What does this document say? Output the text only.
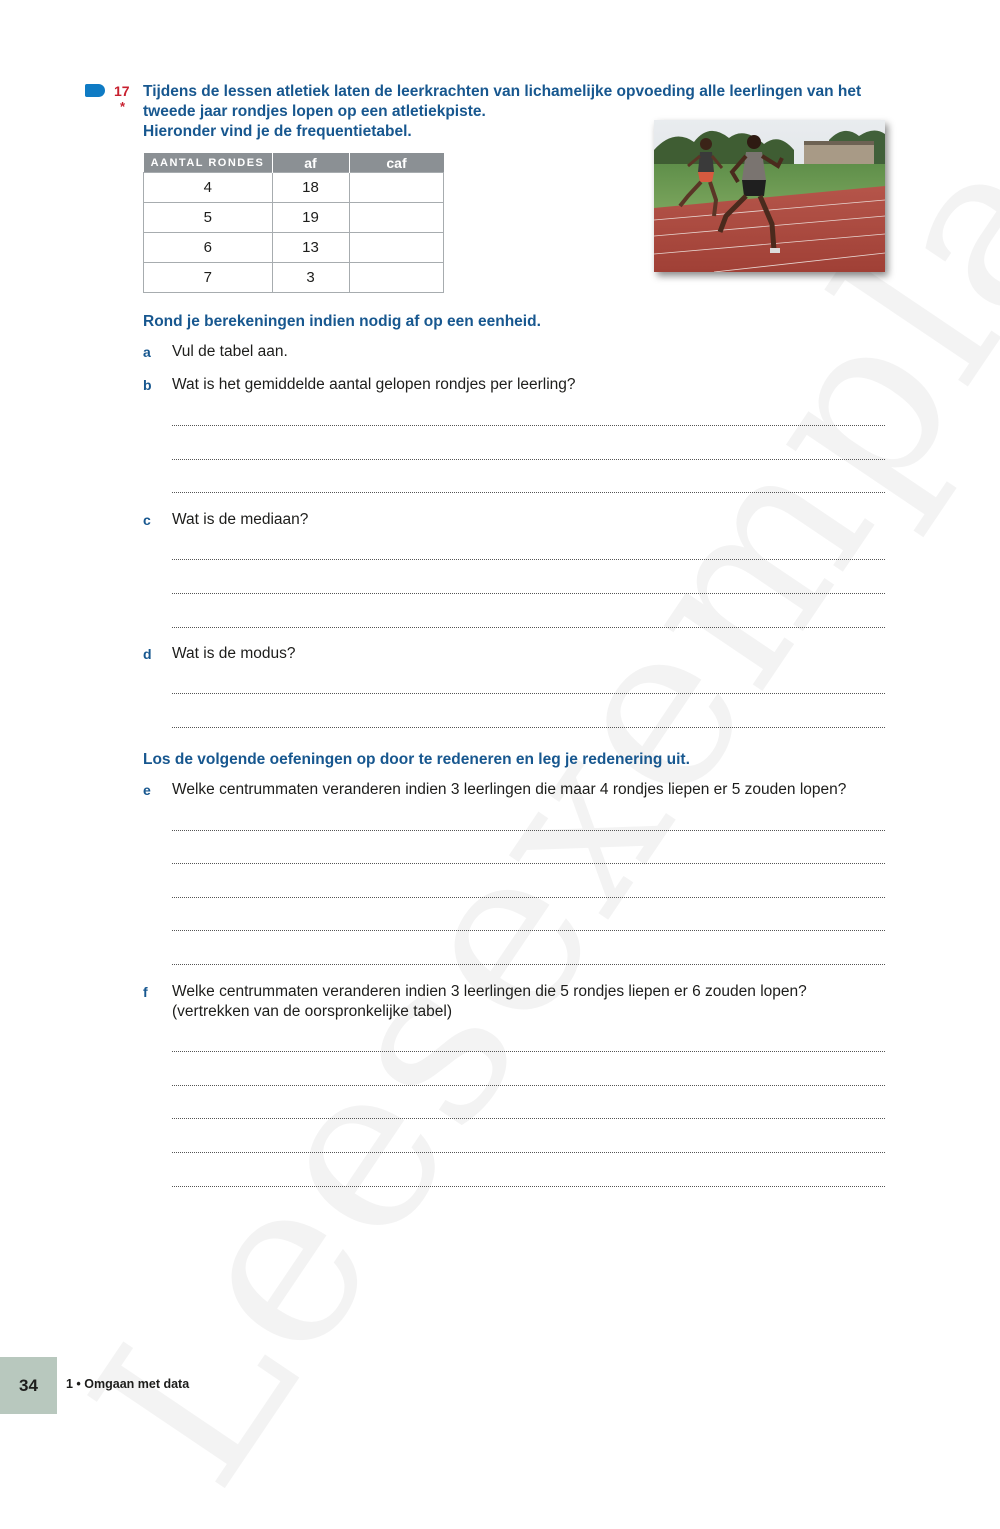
17
*
Tijdens de lessen atletiek laten de leerkrachten van lichamelijke opvoeding alle leerlingen van het
tweede jaar rondjes lopen op een atletiekpiste.
Hieronder vind je de frequentietabel.
AANTAL RONDES	af	caf
4	18	
5	19	
6	13	
7	3	
Rond je berekeningen indien nodig af op een eenheid.
a Vul de tabel aan.
b Wat is het gemiddelde aantal gelopen rondjes per leerling?
c Wat is de mediaan?
d Wat is de modus?
Los de volgende oefeningen op door te redeneren en leg je redenering uit.
e Welke centrummaten veranderen indien 3 leerlingen die maar 4 rondjes liepen er 5 zouden lopen?
f Welke centrummaten veranderen indien 3 leerlingen die 5 rondjes liepen er 6 zouden lopen?
(vertrekken van de oorspronkelijke tabel)
34	1 • Omgaan met data
